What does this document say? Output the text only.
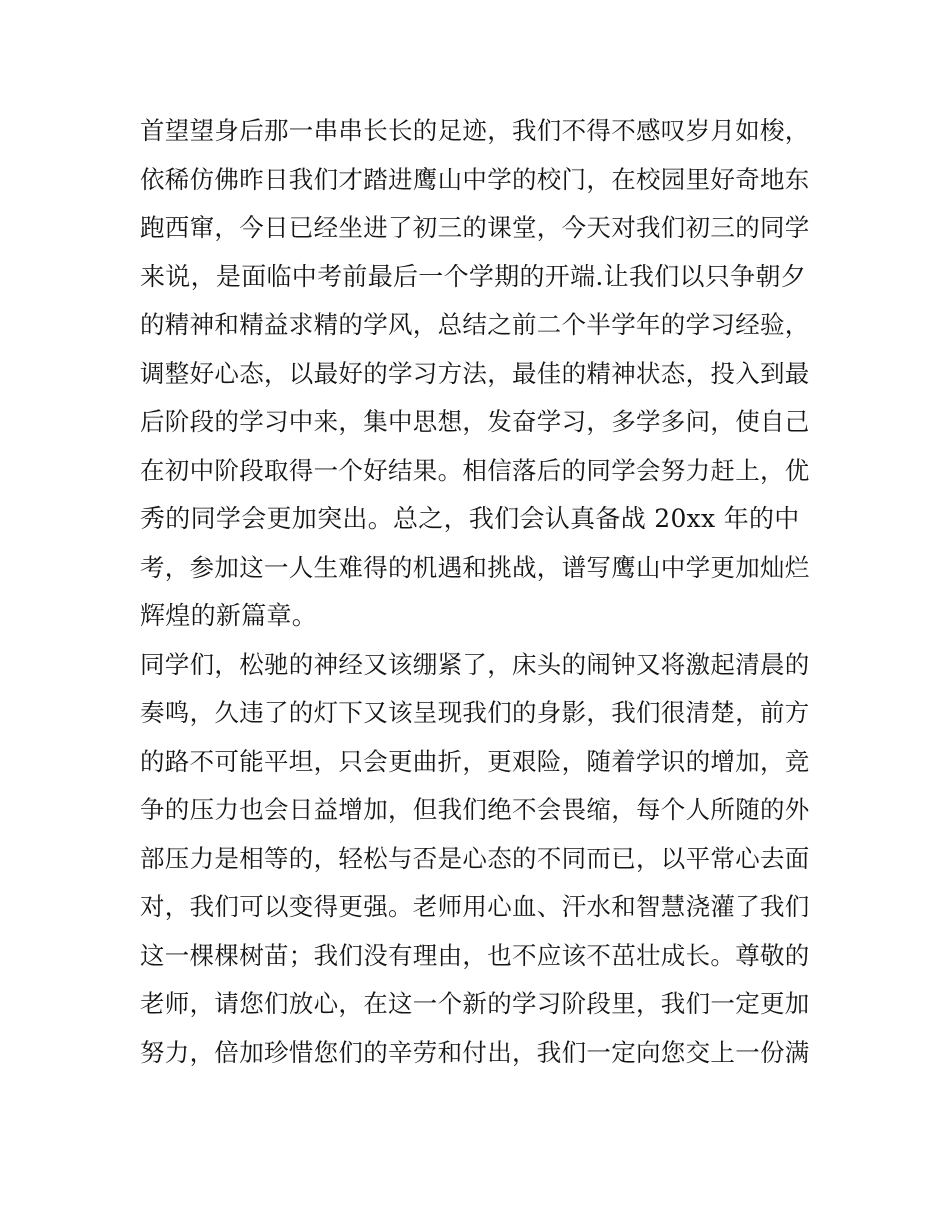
首望望身后那一串串长长的足迹，我们不得不感叹岁月如梭，
依稀仿佛昨日我们才踏进鹰山中学的校门，在校园里好奇地东
跑西窜，今日已经坐进了初三的课堂，今天对我们初三的同学
来说，是面临中考前最后一个学期的开端.让我们以只争朝夕
的精神和精益求精的学风，总结之前二个半学年的学习经验，
调整好心态，以最好的学习方法，最佳的精神状态，投入到最
后阶段的学习中来，集中思想，发奋学习，多学多问，使自己
在初中阶段取得一个好结果。相信落后的同学会努力赶上，优
秀的同学会更加突出。总之，我们会认真备战 20xx 年的中
考，参加这一人生难得的机遇和挑战，谱写鹰山中学更加灿烂
辉煌的新篇章。
同学们，松驰的神经又该绷紧了，床头的闹钟又将激起清晨的
奏鸣，久违了的灯下又该呈现我们的身影，我们很清楚，前方
的路不可能平坦，只会更曲折，更艰险，随着学识的增加，竞
争的压力也会日益增加，但我们绝不会畏缩，每个人所随的外
部压力是相等的，轻松与否是心态的不同而已，以平常心去面
对，我们可以变得更强。老师用心血、汗水和智慧浇灌了我们
这一棵棵树苗；我们没有理由，也不应该不茁壮成长。尊敬的
老师，请您们放心，在这一个新的学习阶段里，我们一定更加
努力，倍加珍惜您们的辛劳和付出，我们一定向您交上一份满
